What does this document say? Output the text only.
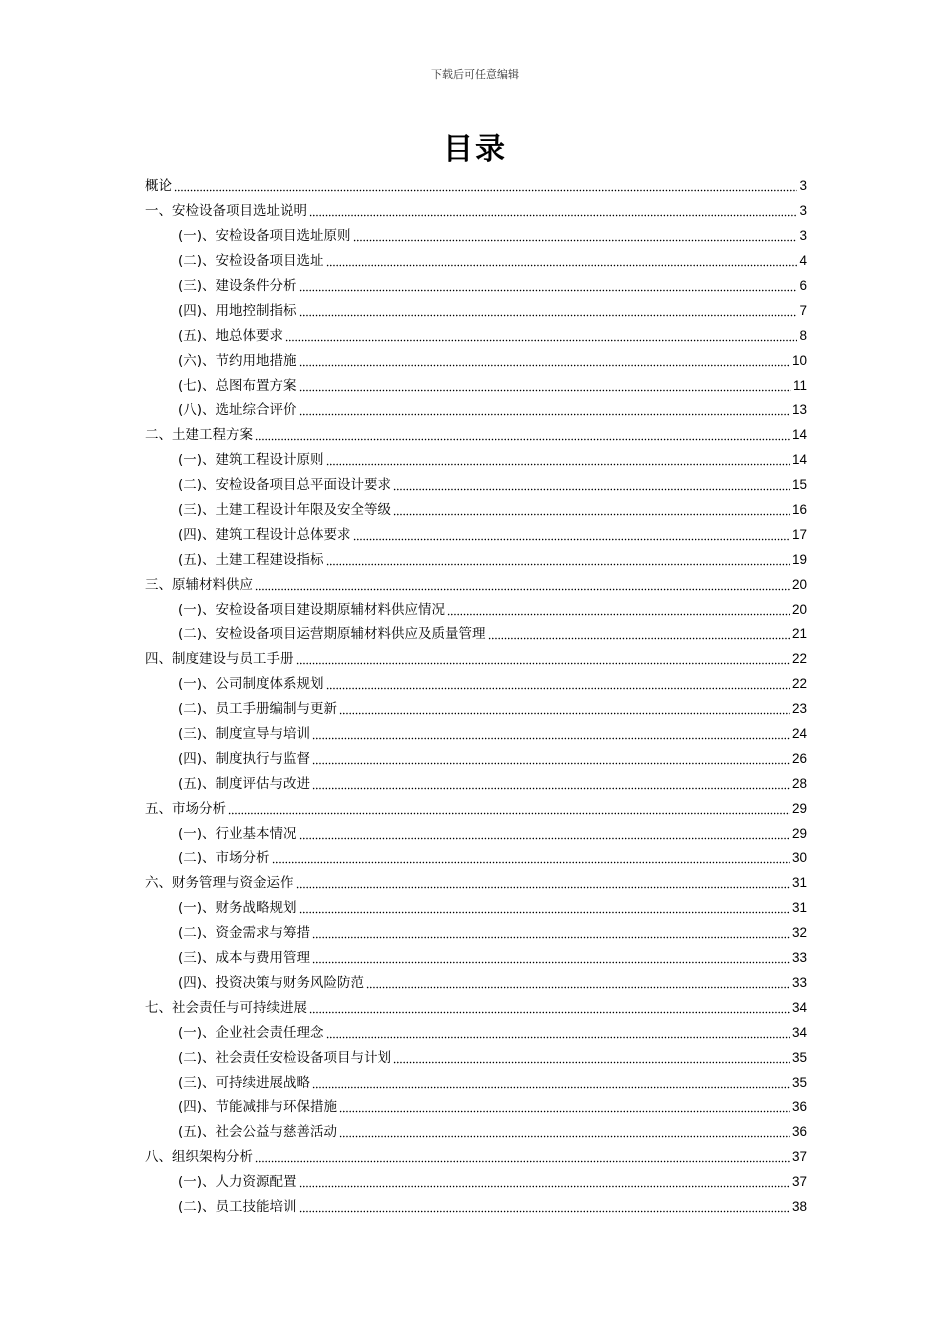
下载后可任意编辑
目录
概论	3
一、安检设备项目选址说明	3
(一)、安检设备项目选址原则	3
(二)、安检设备项目选址	4
(三)、建设条件分析	6
(四)、用地控制指标	7
(五)、地总体要求	8
(六)、节约用地措施	10
(七)、总图布置方案	11
(八)、选址综合评价	13
二、土建工程方案	14
(一)、建筑工程设计原则	14
(二)、安检设备项目总平面设计要求	15
(三)、土建工程设计年限及安全等级	16
(四)、建筑工程设计总体要求	17
(五)、土建工程建设指标	19
三、原辅材料供应	20
(一)、安检设备项目建设期原辅材料供应情况	20
(二)、安检设备项目运营期原辅材料供应及质量管理	21
四、制度建设与员工手册	22
(一)、公司制度体系规划	22
(二)、员工手册编制与更新	23
(三)、制度宣导与培训	24
(四)、制度执行与监督	26
(五)、制度评估与改进	28
五、市场分析	29
(一)、行业基本情况	29
(二)、市场分析	30
六、财务管理与资金运作	31
(一)、财务战略规划	31
(二)、资金需求与筹措	32
(三)、成本与费用管理	33
(四)、投资决策与财务风险防范	33
七、社会责任与可持续进展	34
(一)、企业社会责任理念	34
(二)、社会责任安检设备项目与计划	35
(三)、可持续进展战略	35
(四)、节能减排与环保措施	36
(五)、社会公益与慈善活动	36
八、组织架构分析	37
(一)、人力资源配置	37
(二)、员工技能培训	38
